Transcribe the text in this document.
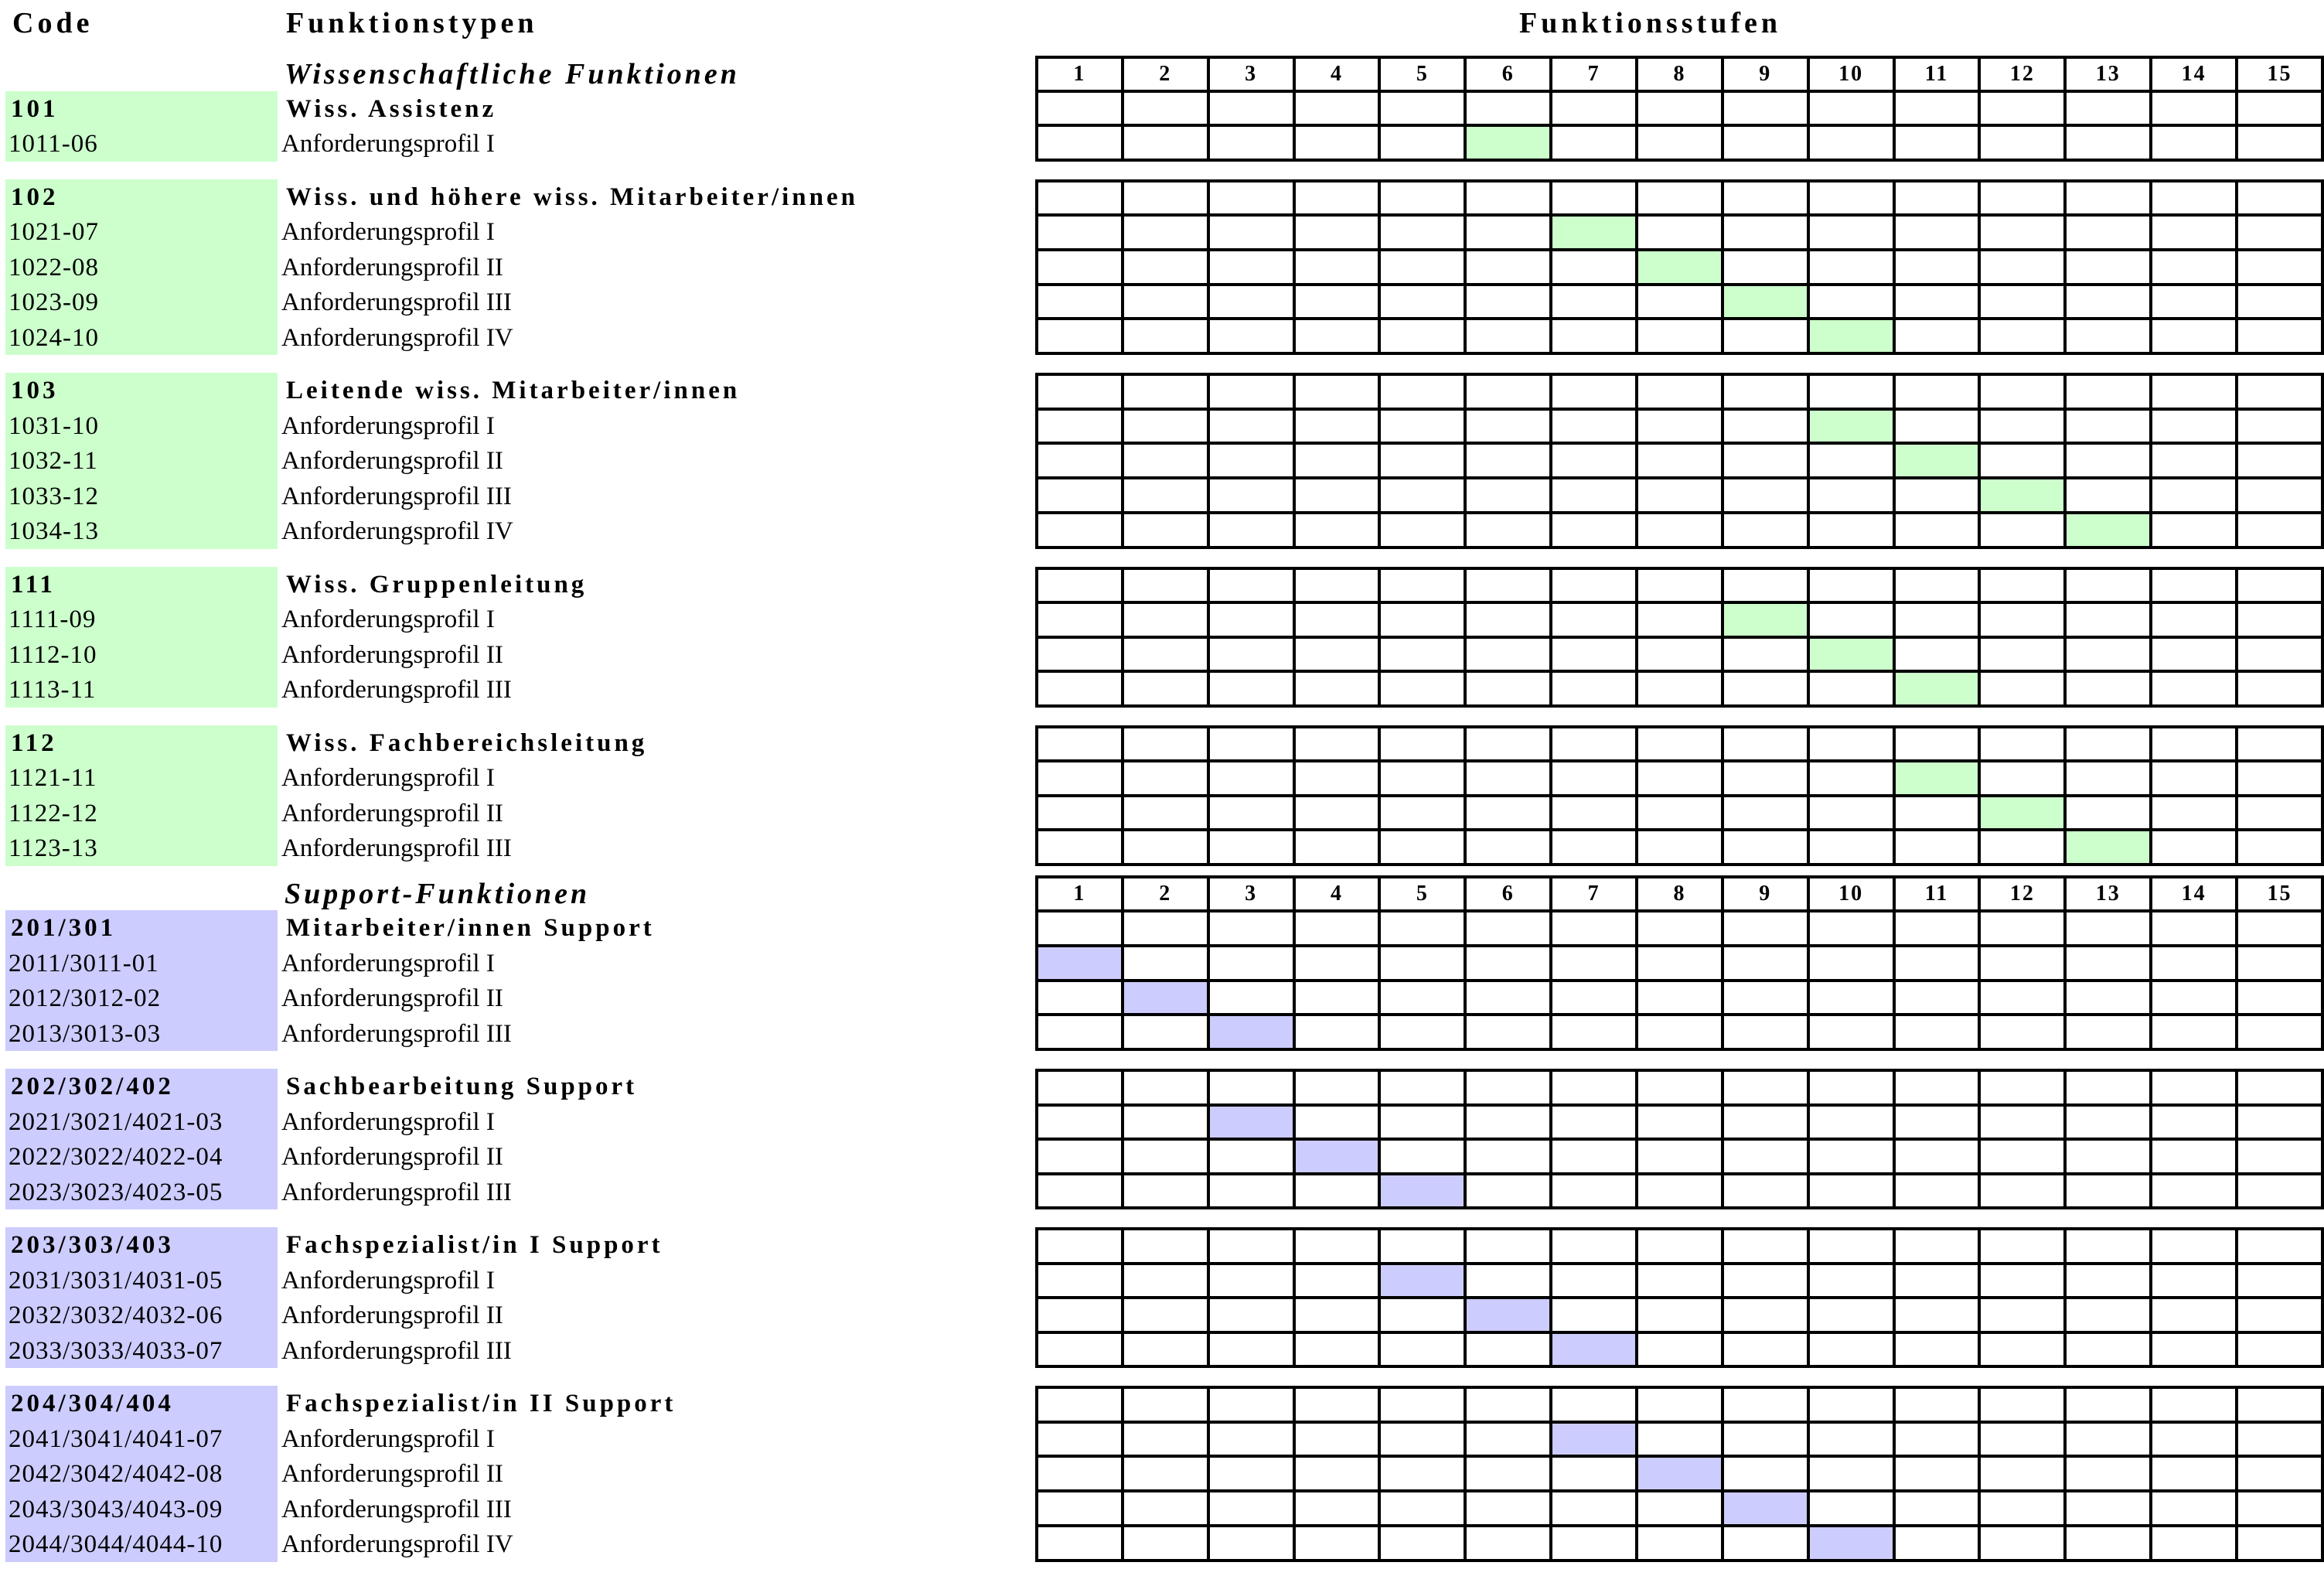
Code	Funktionstypen	Funktionsstufen
Wissenschaftliche Funktionen
101	Wiss. Assistenz
1011-06	Anforderungsprofil I
1	2	3	4	5	6	7	8	9	10	11	12	13	14	15

102	Wiss. und höhere wiss. Mitarbeiter/innen
1021-07	Anforderungsprofil I
1022-08	Anforderungsprofil II
1023-09	Anforderungsprofil III
1024-10	Anforderungsprofil IV

103	Leitende wiss. Mitarbeiter/innen
1031-10	Anforderungsprofil I
1032-11	Anforderungsprofil II
1033-12	Anforderungsprofil III
1034-13	Anforderungsprofil IV

111	Wiss. Gruppenleitung
1111-09	Anforderungsprofil I
1112-10	Anforderungsprofil II
1113-11	Anforderungsprofil III

112	Wiss. Fachbereichsleitung
1121-11	Anforderungsprofil I
1122-12	Anforderungsprofil II
1123-13	Anforderungsprofil III

Support-Funktionen
201/301	Mitarbeiter/innen Support
2011/3011-01	Anforderungsprofil I
2012/3012-02	Anforderungsprofil II
2013/3013-03	Anforderungsprofil III
1	2	3	4	5	6	7	8	9	10	11	12	13	14	15

202/302/402	Sachbearbeitung Support
2021/3021/4021-03 Anforderungsprofil I
2022/3022/4022-04 Anforderungsprofil II
2023/3023/4023-05 Anforderungsprofil III

203/303/403	Fachspezialist/in I Support
2031/3031/4031-05 Anforderungsprofil I
2032/3032/4032-06 Anforderungsprofil II
2033/3033/4033-07 Anforderungsprofil III

204/304/404	Fachspezialist/in II Support
2041/3041/4041-07 Anforderungsprofil I
2042/3042/4042-08 Anforderungsprofil II
2043/3043/4043-09 Anforderungsprofil III
2044/3044/4044-10 Anforderungsprofil IV
